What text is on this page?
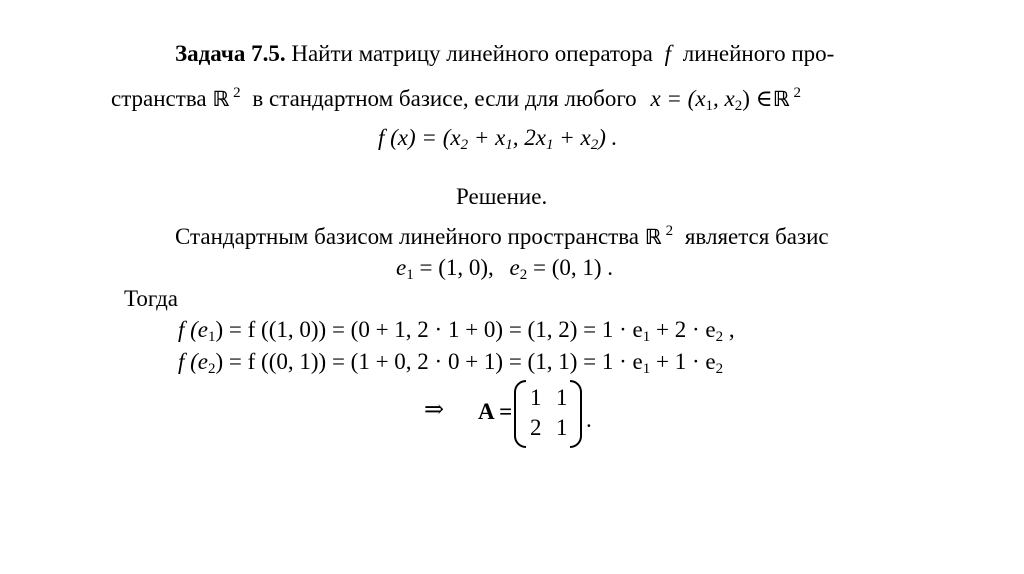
Задача 7.5. Найти матрицу линейного оператора f линейного про-
странства ℝ $^2$ в стандартном базисе, если для любого $x = (x_1$, $x_2$) ∈ℝ $^2$
f $(x) = (x_2 + x_1$, $2x_1 + x_2$) .
Решение.
Стандартным базисом линейного пространства ℝ $^2$ является базис
$e_1 = (1$, 0), $e_2 = (0$, 1) .
Тогда
f $(e_1) = f$ ((1, 0)) = (0 + 1, 2 · 1 + 0) = (1, $2) = 1 \cdot e_1 + 2 \cdot e_2$ ,
f $(e_2) = f$ ((0, 1)) = (1 + 0, 2 · 0 + 1) = (1, $1) = 1 \cdot e_1 + 1 \cdot e_2$
⇒ A =
1 1
2 1 .
